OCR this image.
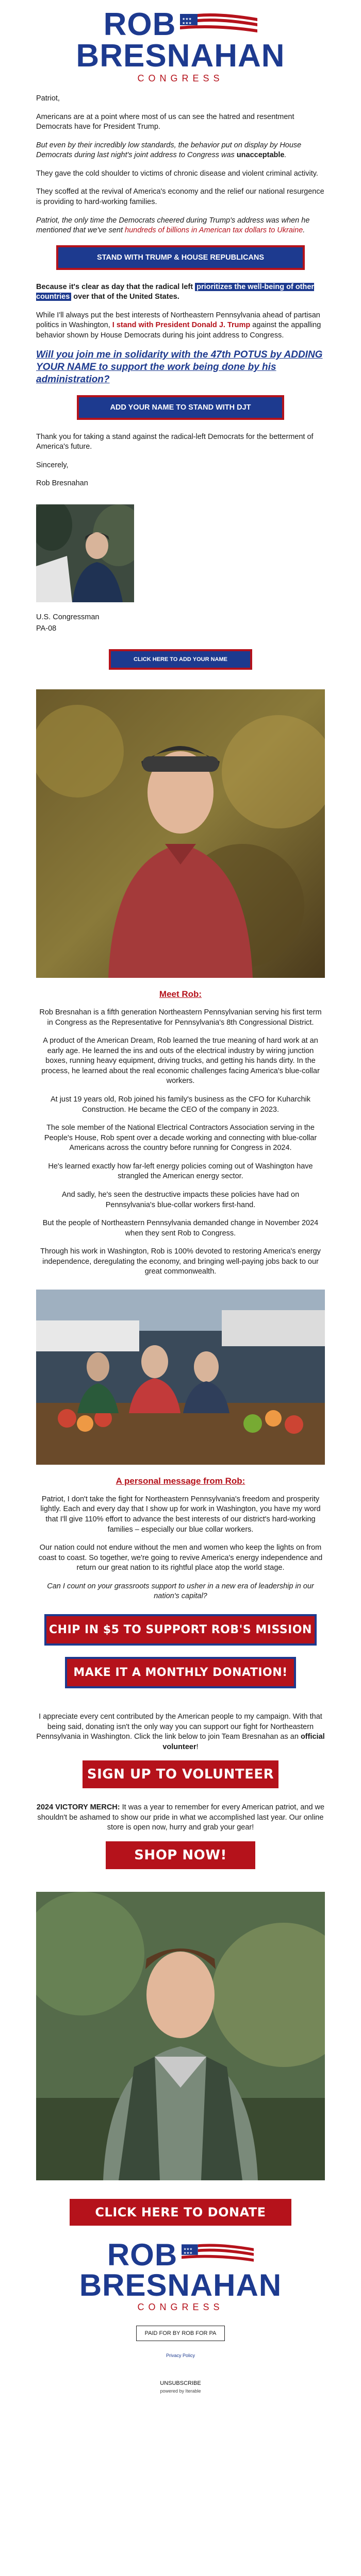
ROB ★★★
★★★
BRESNAHAN
CONGRESS

Patriot,

Americans are at a point where most of us can see the hatred and resentment Democrats have for President Trump.

But even by their incredibly low standards, the behavior put on display by House Democrats during last night's joint address to Congress was unacceptable.

They gave the cold shoulder to victims of chronic disease and violent criminal activity.

They scoffed at the revival of America's economy and the relief our national resurgence is providing to hard-working families.

Patriot, the only time the Democrats cheered during Trump's address was when he mentioned that we've sent hundreds of billions in American tax dollars to Ukraine.

STAND WITH TRUMP & HOUSE REPUBLICANS

Because it's clear as day that the radical left prioritizes the well-being of other countries over that of the United States.

While I'll always put the best interests of Northeastern Pennsylvania ahead of partisan politics in Washington, I stand with President Donald J. Trump against the appalling behavior shown by House Democrats during his joint address to Congress.

Will you join me in solidarity with the 47th POTUS by ADDING YOUR NAME to support the work being done by his administration?

ADD YOUR NAME TO STAND WITH DJT

Thank you for taking a stand against the radical-left Democrats for the betterment of America's future.

Sincerely,

Rob Bresnahan

U.S. Congressman

PA-08

CLICK HERE TO ADD YOUR NAME
Meet Rob:

Rob Bresnahan is a fifth generation Northeastern Pennsylvanian serving his first term in Congress as the Representative for Pennsylvania's 8th Congressional District.

A product of the American Dream, Rob learned the true meaning of hard work at an early age. He learned the ins and outs of the electrical industry by wiring junction boxes, running heavy equipment, driving trucks, and getting his hands dirty. In the process, he learned about the real economic challenges facing America's blue-collar workers.

At just 19 years old, Rob joined his family's business as the CFO for Kuharchik Construction. He became the CEO of the company in 2023.

The sole member of the National Electrical Contractors Association serving in the People's House, Rob spent over a decade working and connecting with blue-collar Americans across the country before running for Congress in 2024.

He's learned exactly how far-left energy policies coming out of Washington have strangled the American energy sector.

And sadly, he's seen the destructive impacts these policies have had on Pennsylvania's blue-collar workers first-hand.

But the people of Northeastern Pennsylvania demanded change in November 2024 when they sent Rob to Congress.

Through his work in Washington, Rob is 100% devoted to restoring America's energy independence, deregulating the economy, and bringing well-paying jobs back to our great commonwealth.

A personal message from Rob:

Patriot, I don't take the fight for Northeastern Pennsylvania's freedom and prosperity lightly. Each and every day that I show up for work in Washington, you have my word that I'll give 110% effort to advance the best interests of our district's hard-working families – especially our blue collar workers.

Our nation could not endure without the men and women who keep the lights on from coast to coast. So together, we're going to revive America's energy independence and return our great nation to its rightful place atop the world stage.

Can I count on your grassroots support to usher in a new era of leadership in our nation's capital?

CHIP IN $5 TO SUPPORT ROB'S MISSION
MAKE IT A MONTHLY DONATION!

I appreciate every cent contributed by the American people to my campaign. With that being said, donating isn't the only way you can support our fight for Northeastern Pennsylvania in Washington. Click the link below to join Team Bresnahan as an official volunteer!

SIGN UP TO VOLUNTEER

2024 VICTORY MERCH: It was a year to remember for every American patriot, and we shouldn't be ashamed to show our pride in what we accomplished last year. Our online store is open now, hurry and grab your gear!

SHOP NOW!
CLICK HERE TO DONATE
ROB ★★★
★★★
BRESNAHAN
CONGRESS
PAID FOR BY ROB FOR PA
Privacy Policy
UNSUBSCRIBE
powered by Iterable
